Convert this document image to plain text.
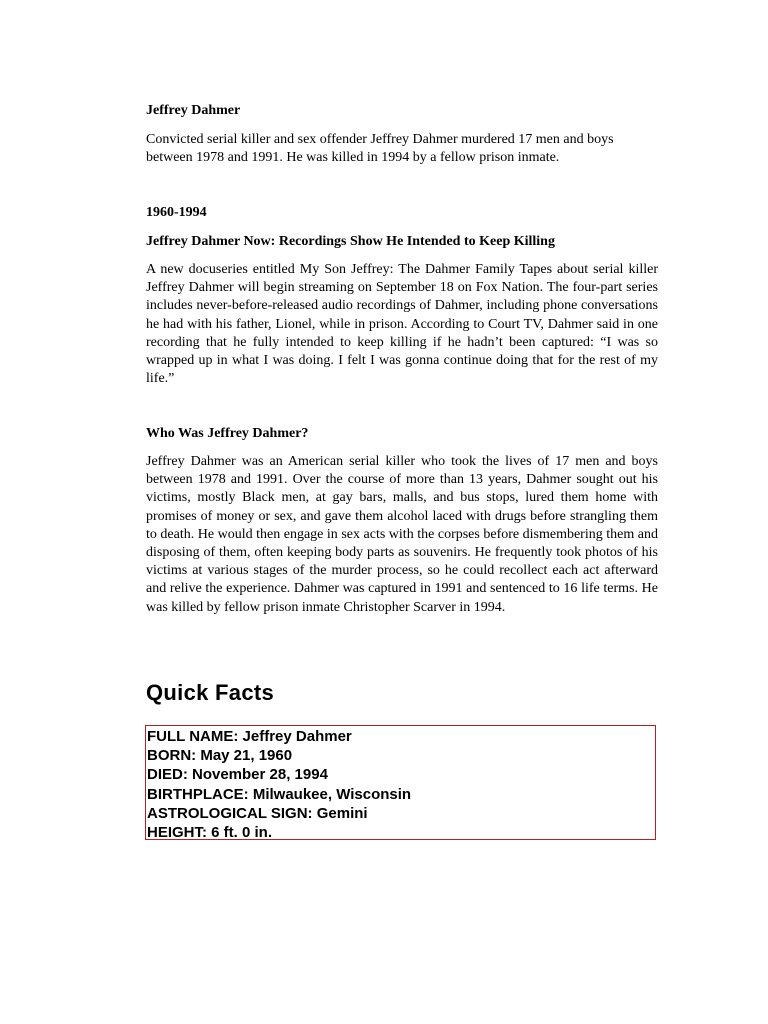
Jeffrey Dahmer

Convicted serial killer and sex offender Jeffrey Dahmer murdered 17 men and boys between 1978 and 1991. He was killed in 1994 by a fellow prison inmate.

1960-1994

Jeffrey Dahmer Now: Recordings Show He Intended to Keep Killing

A new docuseries entitled My Son Jeffrey: The Dahmer Family Tapes about serial killer Jeffrey Dahmer will begin streaming on September 18 on Fox Nation. The four-part series includes never-before-released audio recordings of Dahmer, including phone conversations he had with his father, Lionel, while in prison. According to Court TV, Dahmer said in one recording that he fully intended to keep killing if he hadn’t been captured: “I was so wrapped up in what I was doing. I felt I was gonna continue doing that for the rest of my life.”

Who Was Jeffrey Dahmer?

Jeffrey Dahmer was an American serial killer who took the lives of 17 men and boys between 1978 and 1991. Over the course of more than 13 years, Dahmer sought out his victims, mostly Black men, at gay bars, malls, and bus stops, lured them home with promises of money or sex, and gave them alcohol laced with drugs before strangling them to death. He would then engage in sex acts with the corpses before dismembering them and disposing of them, often keeping body parts as souvenirs. He frequently took photos of his victims at various stages of the murder process, so he could recollect each act afterward and relive the experience. Dahmer was captured in 1991 and sentenced to 16 life terms. He was killed by fellow prison inmate Christopher Scarver in 1994.

Quick Facts
FULL NAME: Jeffrey Dahmer
BORN: May 21, 1960
DIED: November 28, 1994
BIRTHPLACE: Milwaukee, Wisconsin
ASTROLOGICAL SIGN: Gemini
HEIGHT: 6 ft. 0 in.
